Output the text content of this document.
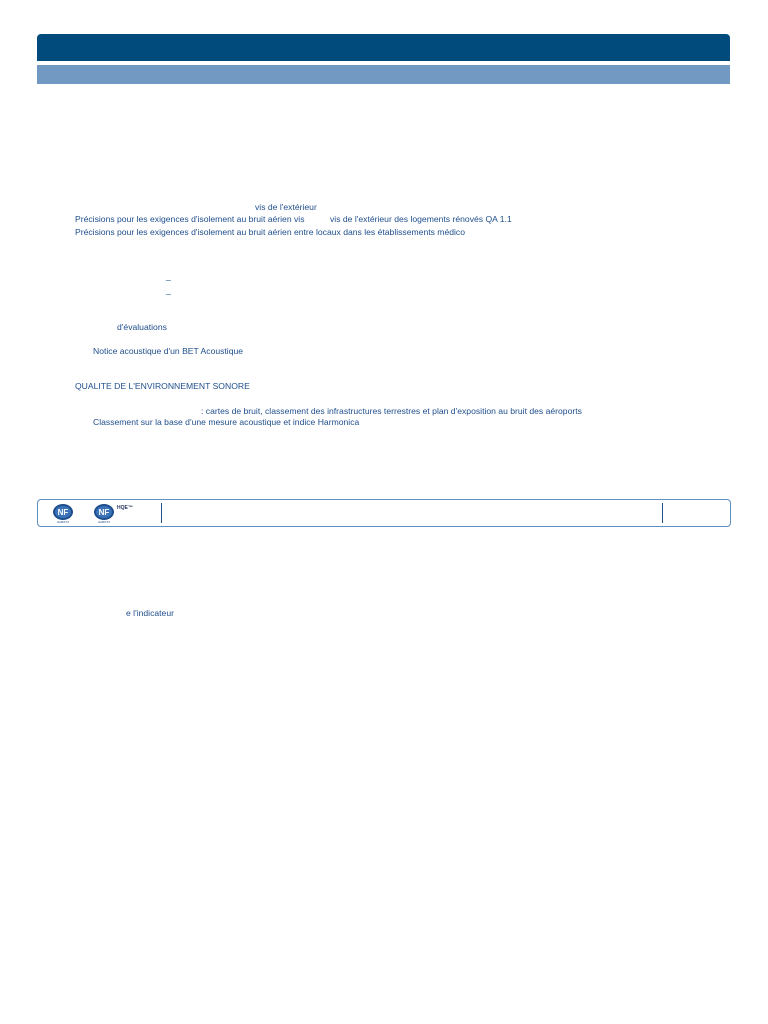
vis de l'extérieur
Précisions pour les exigences d'isolement au bruit aérien vis	vis de l'extérieur des logements rénovés QA 1.1
Précisions pour les exigences d'isolement au bruit aérien entre locaux dans les établissements médico
_
_
d'évaluations
Notice acoustique d'un BET Acoustique
QUALITE DE L'ENVIRONNEMENT SONORE
: cartes de bruit, classement des infrastructures terrestres et plan d'exposition au bruit des aéroports
Classement sur la base d'une mesure acoustique et indice Harmonica
NF
HABITAT
NF
HABITAT
HQE™
e l'indicateur
